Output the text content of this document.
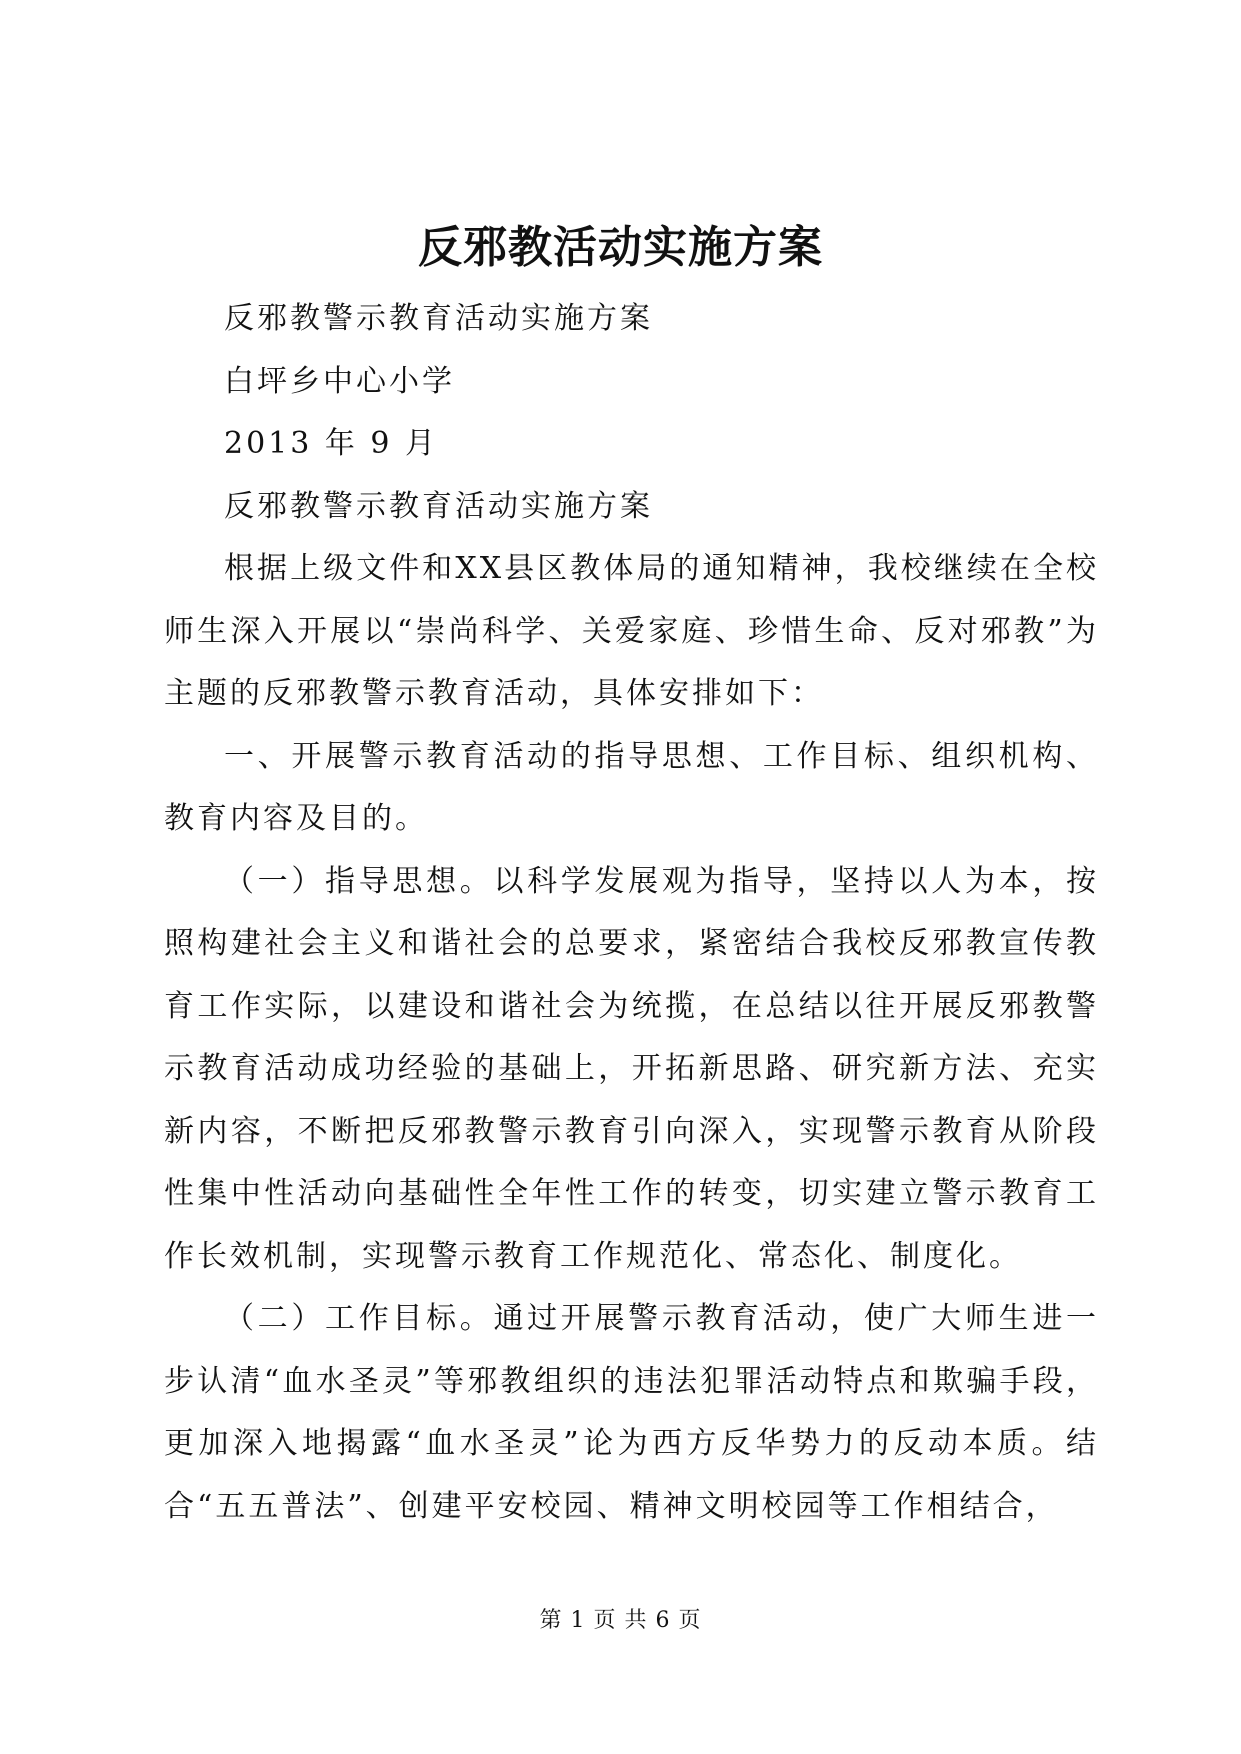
反邪教活动实施方案

反邪教警示教育活动实施方案

白坪乡中心小学

2013 年 9 月

反邪教警示教育活动实施方案

根据上级文件和XX县区教体局的通知精神，我校继续在全校师生深入开展以“崇尚科学、关爱家庭、珍惜生命、反对邪教”为主题的反邪教警示教育活动，具体安排如下：

一、开展警示教育活动的指导思想、工作目标、组织机构、教育内容及目的。

（一）指导思想。以科学发展观为指导，坚持以人为本，按照构建社会主义和谐社会的总要求，紧密结合我校反邪教宣传教育工作实际，以建设和谐社会为统揽，在总结以往开展反邪教警示教育活动成功经验的基础上，开拓新思路、研究新方法、充实新内容，不断把反邪教警示教育引向深入，实现警示教育从阶段性集中性活动向基础性全年性工作的转变，切实建立警示教育工作长效机制，实现警示教育工作规范化、常态化、制度化。

（二）工作目标。通过开展警示教育活动，使广大师生进一步认清“血水圣灵”等邪教组织的违法犯罪活动特点和欺骗手段，更加深入地揭露“血水圣灵”论为西方反华势力的反动本质。结合“五五普法”、创建平安校园、精神文明校园等工作相结合，

第 1 页 共 6 页
